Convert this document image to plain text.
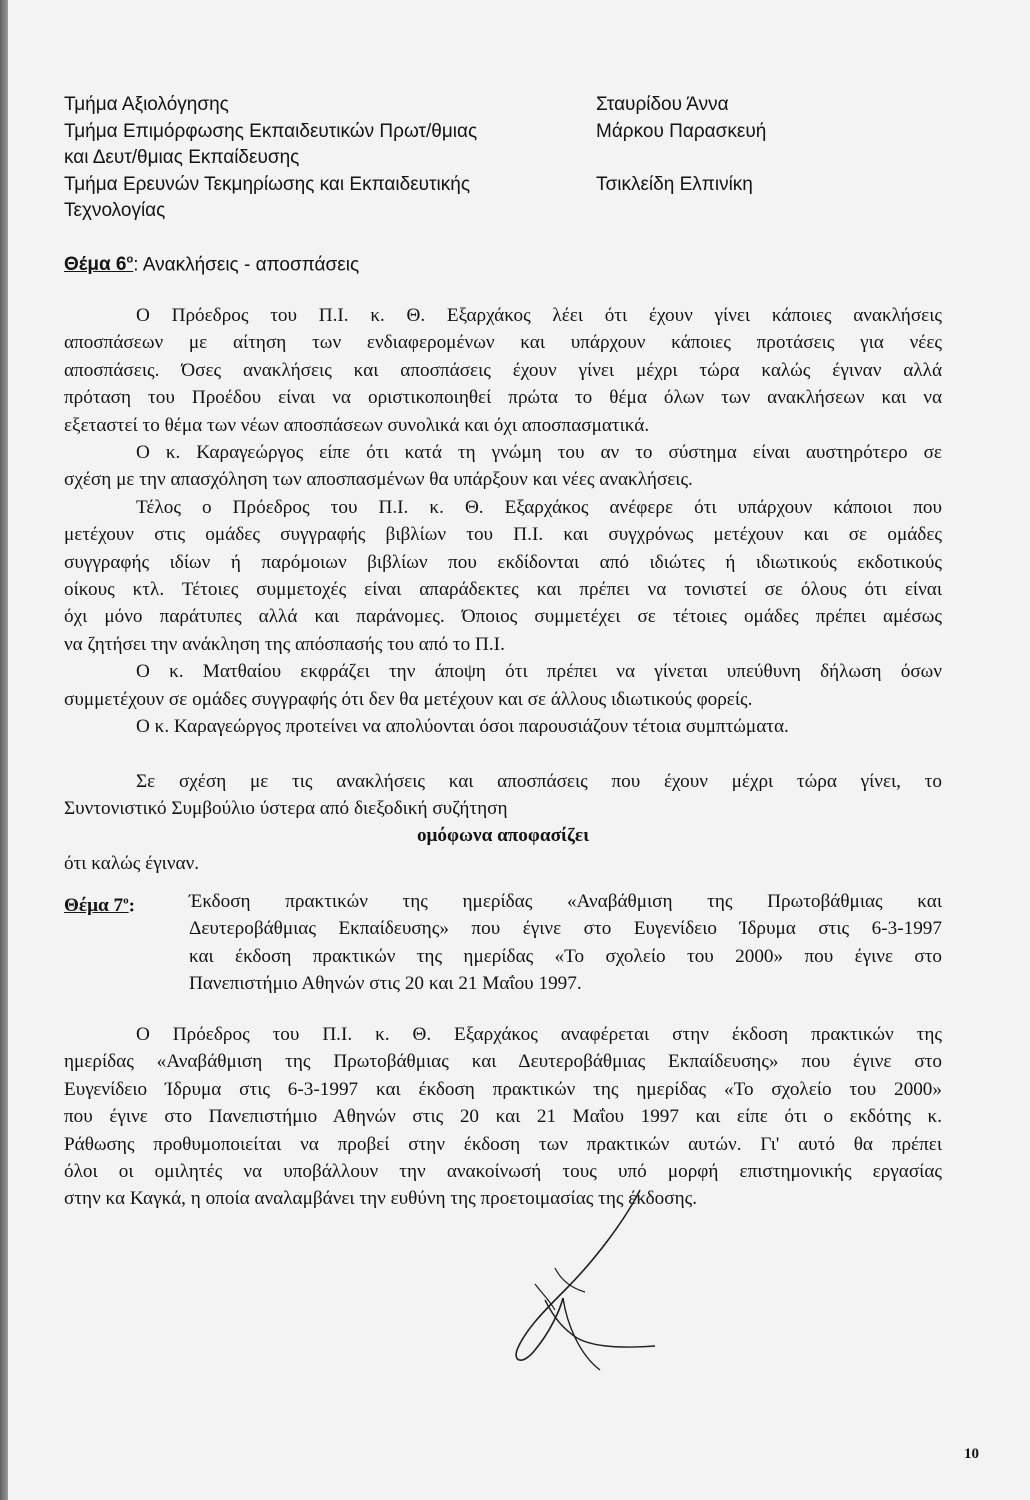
Τμήμα Αξιολόγησης
Τμήμα Επιμόρφωσης Εκπαιδευτικών Πρωτ/θμιας
και Δευτ/θμιας Εκπαίδευσης
Τμήμα Ερευνών Τεκμηρίωσης και Εκπαιδευτικής
Τεχνολογίας
Σταυρίδου Άννα
Μάρκου Παρασκευή
Τσικλείδη Ελπινίκη
Θέμα $6^o$: Ανακλήσεις - αποσπάσεις
Ο Πρόεδρος του Π.Ι. κ. Θ. Εξαρχάκος λέει ότι έχουν γίνει κάποιες ανακλήσεις
αποσπάσεων με αίτηση των ενδιαφερομένων και υπάρχουν κάποιες προτάσεις για νέες
αποσπάσεις. Όσες ανακλήσεις και αποσπάσεις έχουν γίνει μέχρι τώρα καλώς έγιναν αλλά
πρόταση του Προέδου είναι να οριστικοποιηθεί πρώτα το θέμα όλων των ανακλήσεων και να
εξεταστεί το θέμα των νέων αποσπάσεων συνολικά και όχι αποσπασματικά.
Ο κ. Καραγεώργος είπε ότι κατά τη γνώμη του αν το σύστημα είναι αυστηρότερο σε
σχέση με την απασχόληση των αποσπασμένων θα υπάρξουν και νέες ανακλήσεις.
Τέλος ο Πρόεδρος του Π.Ι. κ. Θ. Εξαρχάκος ανέφερε ότι υπάρχουν κάποιοι που
μετέχουν στις ομάδες συγγραφής βιβλίων του Π.Ι. και συγχρόνως μετέχουν και σε ομάδες
συγγραφής ιδίων ή παρόμοιων βιβλίων που εκδίδονται από ιδιώτες ή ιδιωτικούς εκδοτικούς
οίκους κτλ. Τέτοιες συμμετοχές είναι απαράδεκτες και πρέπει να τονιστεί σε όλους ότι είναι
όχι μόνο παράτυπες αλλά και παράνομες. Όποιος συμμετέχει σε τέτοιες ομάδες πρέπει αμέσως
να ζητήσει την ανάκληση της απόσπασής του από το Π.Ι.
Ο κ. Ματθαίου εκφράζει την άποψη ότι πρέπει να γίνεται υπεύθυνη δήλωση όσων
συμμετέχουν σε ομάδες συγγραφής ότι δεν θα μετέχουν και σε άλλους ιδιωτικούς φορείς.
Ο κ. Καραγεώργος προτείνει να απολύονται όσοι παρουσιάζουν τέτοια συμπτώματα.
Σε σχέση με τις ανακλήσεις και αποσπάσεις που έχουν μέχρι τώρα γίνει, το
Συντονιστικό Συμβούλιο ύστερα από διεξοδική συζήτηση
ομόφωνα αποφασίζει
ότι καλώς έγιναν.
Θέμα $7^o$:	Έκδοση πρακτικών της ημερίδας «Αναβάθμιση της Πρωτοβάθμιας και
Δευτεροβάθμιας Εκπαίδευσης» που έγινε στο Ευγενίδειο Ίδρυμα στις 6-3-1997
και έκδοση πρακτικών της ημερίδας «Το σχολείο του 2000» που έγινε στο
Πανεπιστήμιο Αθηνών στις 20 και 21 Μαΐου 1997.
Ο Πρόεδρος του Π.Ι. κ. Θ. Εξαρχάκος αναφέρεται στην έκδοση πρακτικών της
ημερίδας «Αναβάθμιση της Πρωτοβάθμιας και Δευτεροβάθμιας Εκπαίδευσης» που έγινε στο
Ευγενίδειο Ίδρυμα στις 6-3-1997 και έκδοση πρακτικών της ημερίδας «Το σχολείο του 2000»
που έγινε στο Πανεπιστήμιο Αθηνών στις 20 και 21 Μαΐου 1997 και είπε ότι ο εκδότης κ.
Ράθωσης προθυμοποιείται να προβεί στην έκδοση των πρακτικών αυτών. Γι' αυτό θα πρέπει
όλοι οι ομιλητές να υποβάλλουν την ανακοίνωσή τους υπό μορφή επιστημονικής εργασίας
στην κα Καγκά, η οποία αναλαμβάνει την ευθύνη της προετοιμασίας της έκδοσης.
10
